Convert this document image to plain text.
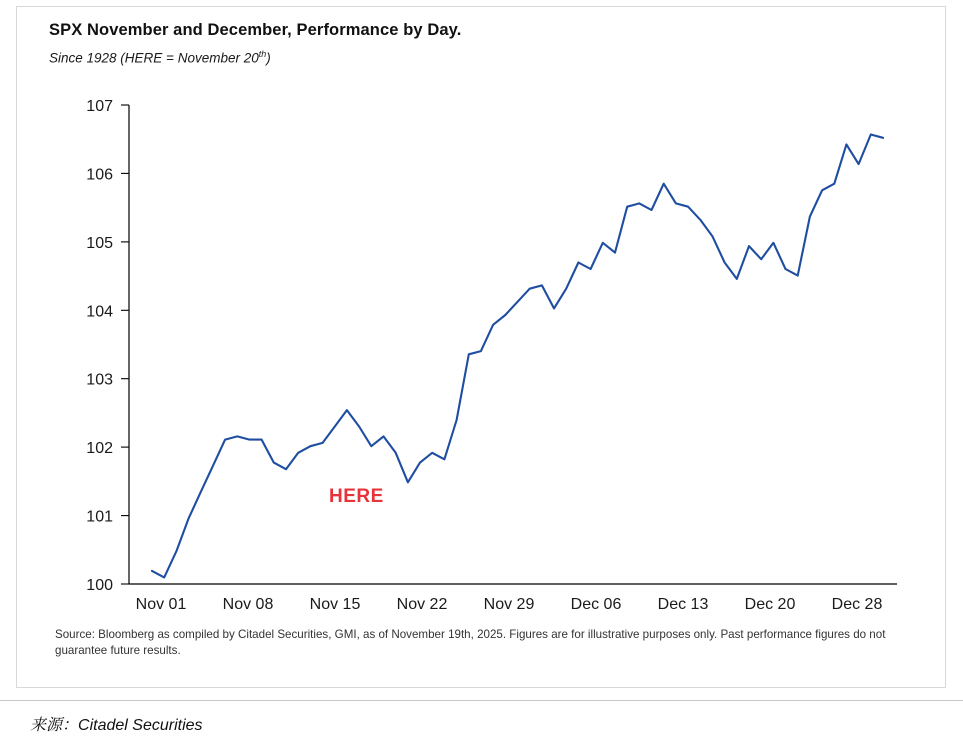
SPX November and December, Performance by Day.
Since 1928 (HERE = November 20th)
107
106
105
104
103
102
101
100
Nov 01 Nov 08 Nov 15 Nov 22 Nov 29 Dec 06 Dec 13 Dec 20 Dec 28
HERE
Source: Bloomberg as compiled by Citadel Securities, GMI, as of November 19th, 2025. Figures are for illustrative purposes only. Past performance figures do not guarantee future results.
来源：Citadel Securities
